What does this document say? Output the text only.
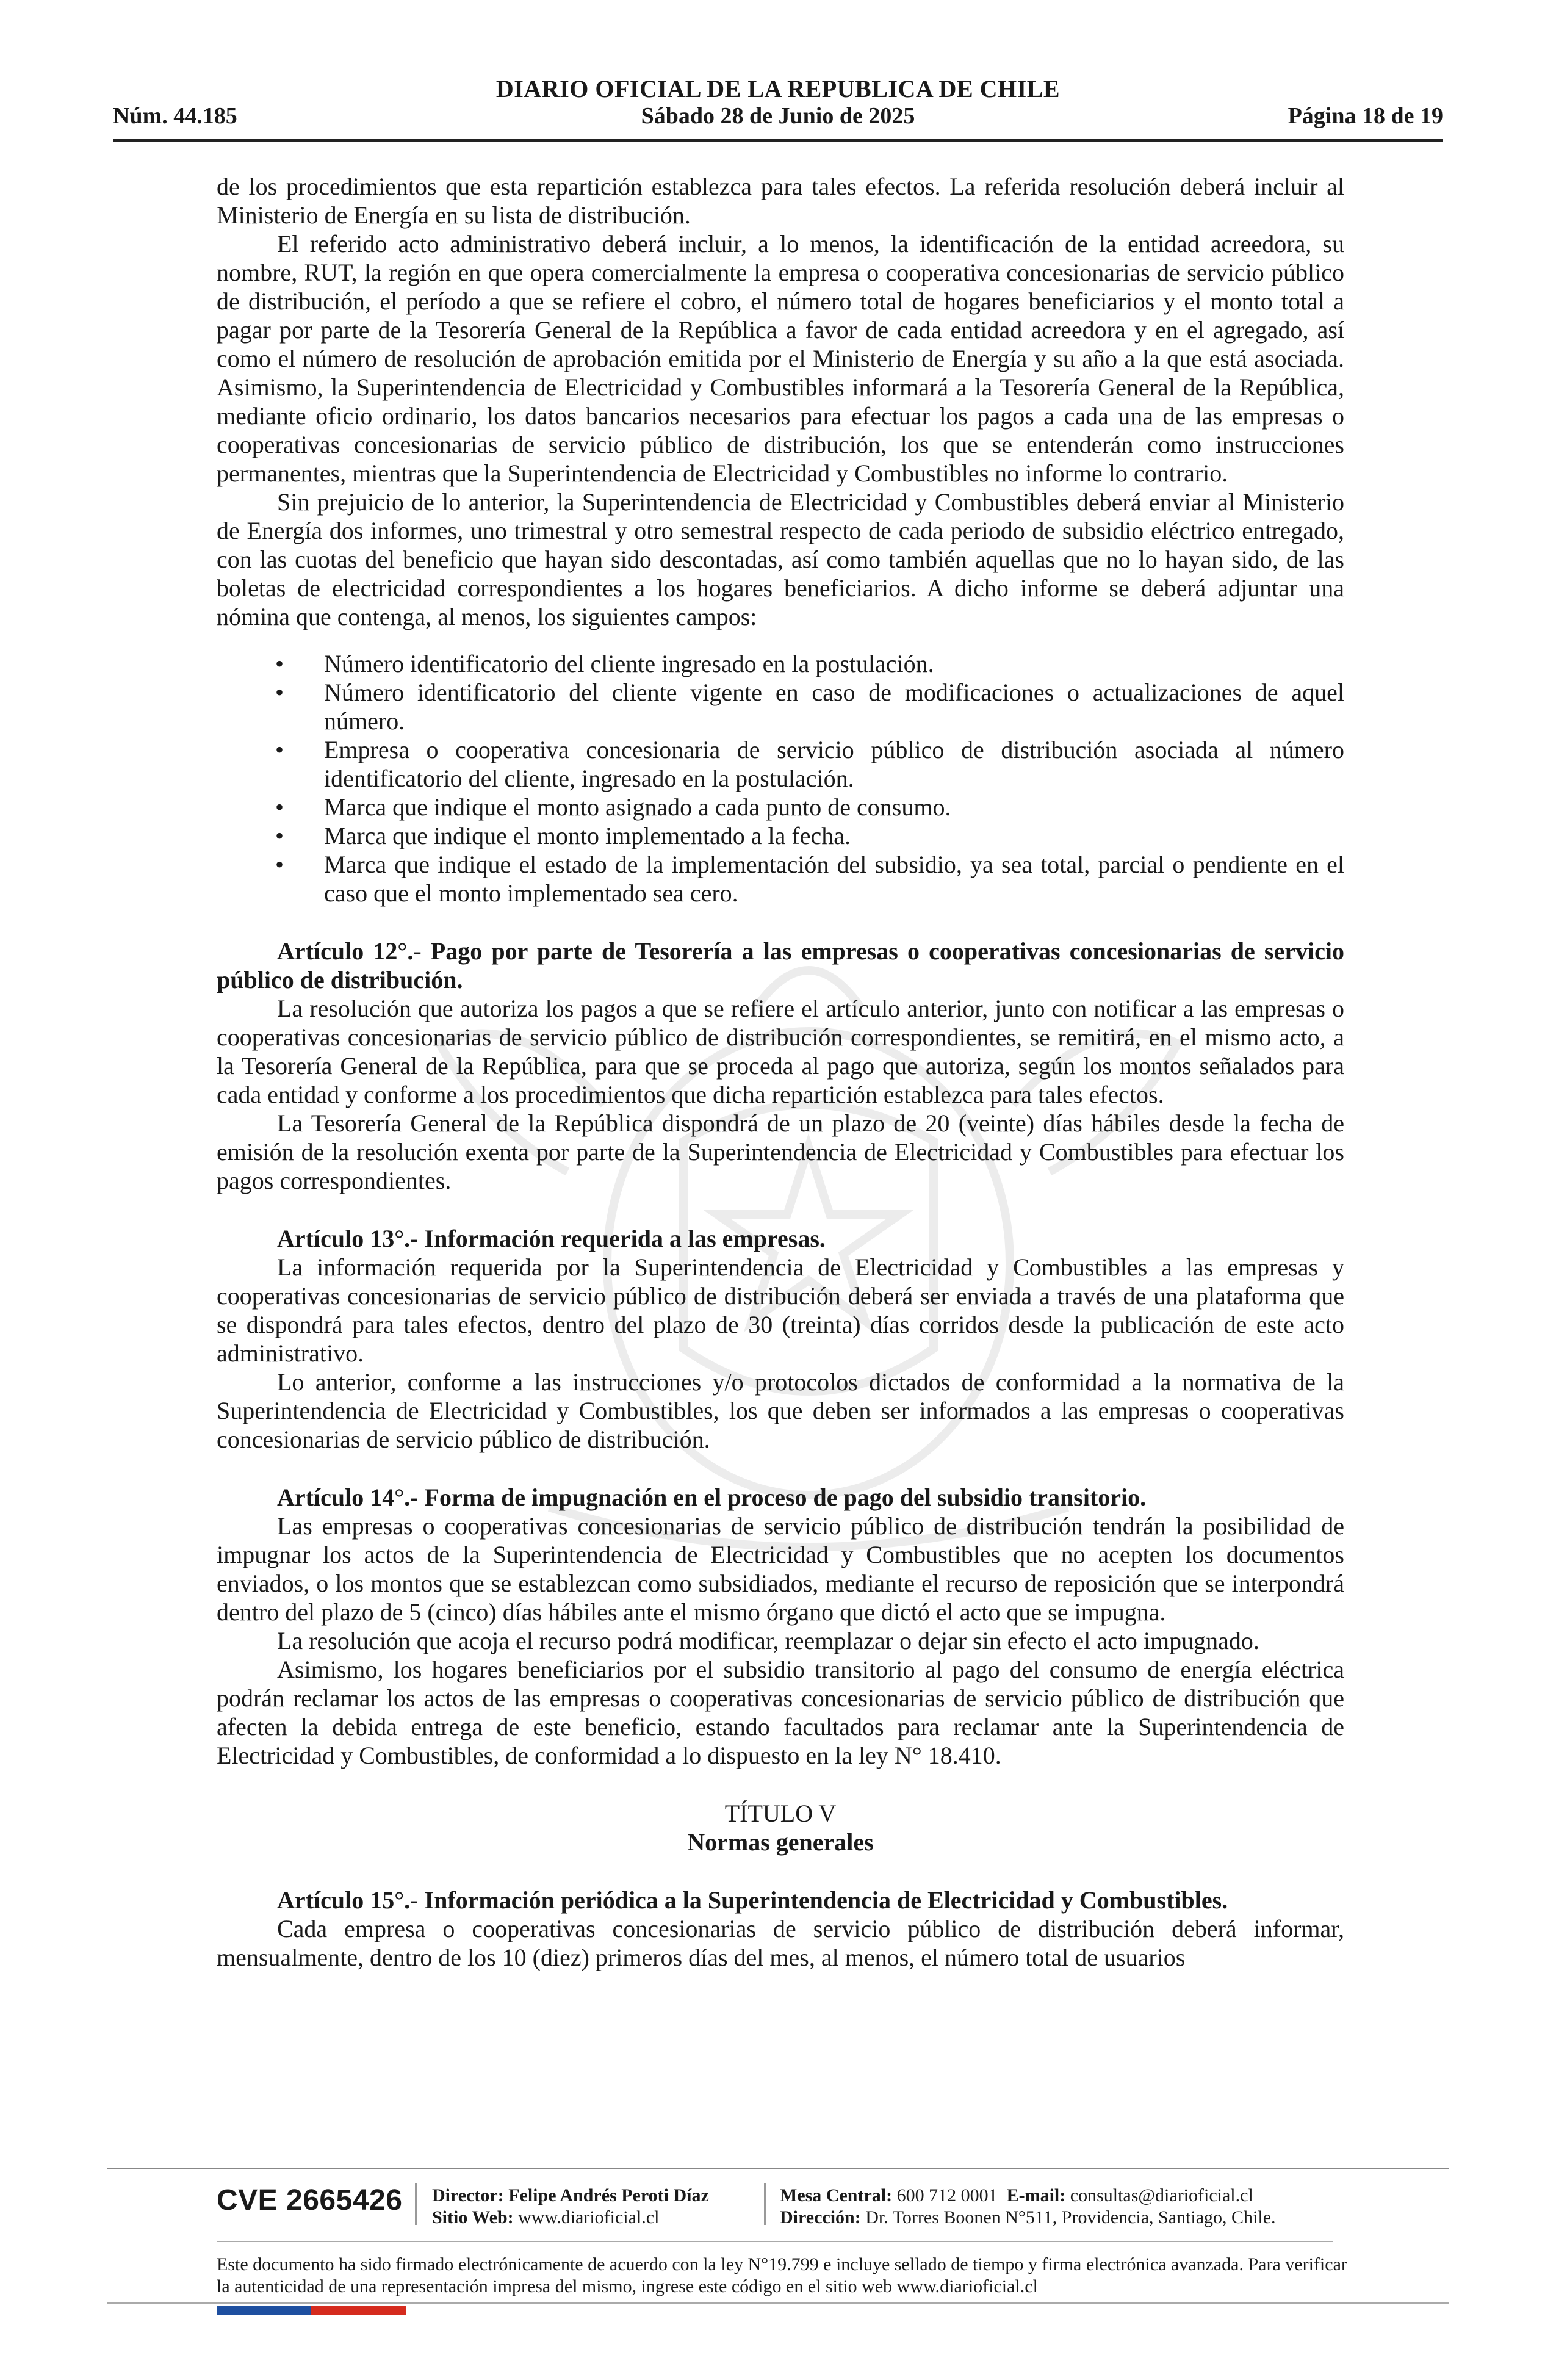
DIARIO OFICIAL DE LA REPUBLICA DE CHILE
Sábado 28 de Junio de 2025
Núm. 44.185	Página 18 de 19

de los procedimientos que esta repartición establezca para tales efectos. La referida resolución deberá incluir al Ministerio de Energía en su lista de distribución.

El referido acto administrativo deberá incluir, a lo menos, la identificación de la entidad acreedora, su nombre, RUT, la región en que opera comercialmente la empresa o cooperativa concesionarias de servicio público de distribución, el período a que se refiere el cobro, el número total de hogares beneficiarios y el monto total a pagar por parte de la Tesorería General de la República a favor de cada entidad acreedora y en el agregado, así como el número de resolución de aprobación emitida por el Ministerio de Energía y su año a la que está asociada. Asimismo, la Superintendencia de Electricidad y Combustibles informará a la Tesorería General de la República, mediante oficio ordinario, los datos bancarios necesarios para efectuar los pagos a cada una de las empresas o cooperativas concesionarias de servicio público de distribución, los que se entenderán como instrucciones permanentes, mientras que la Superintendencia de Electricidad y Combustibles no informe lo contrario.

Sin prejuicio de lo anterior, la Superintendencia de Electricidad y Combustibles deberá enviar al Ministerio de Energía dos informes, uno trimestral y otro semestral respecto de cada periodo de subsidio eléctrico entregado, con las cuotas del beneficio que hayan sido descontadas, así como también aquellas que no lo hayan sido, de las boletas de electricidad correspondientes a los hogares beneficiarios. A dicho informe se deberá adjuntar una nómina que contenga, al menos, los siguientes campos:

• Número identificatorio del cliente ingresado en la postulación.
• Número identificatorio del cliente vigente en caso de modificaciones o actualizaciones de aquel número.
• Empresa o cooperativa concesionaria de servicio público de distribución asociada al número identificatorio del cliente, ingresado en la postulación.
• Marca que indique el monto asignado a cada punto de consumo.
• Marca que indique el monto implementado a la fecha.
• Marca que indique el estado de la implementación del subsidio, ya sea total, parcial o pendiente en el caso que el monto implementado sea cero.

Artículo 12°.- Pago por parte de Tesorería a las empresas o cooperativas concesionarias de servicio público de distribución.

La resolución que autoriza los pagos a que se refiere el artículo anterior, junto con notificar a las empresas o cooperativas concesionarias de servicio público de distribución correspondientes, se remitirá, en el mismo acto, a la Tesorería General de la República, para que se proceda al pago que autoriza, según los montos señalados para cada entidad y conforme a los procedimientos que dicha repartición establezca para tales efectos.

La Tesorería General de la República dispondrá de un plazo de 20 (veinte) días hábiles desde la fecha de emisión de la resolución exenta por parte de la Superintendencia de Electricidad y Combustibles para efectuar los pagos correspondientes.

Artículo 13°.- Información requerida a las empresas.

La información requerida por la Superintendencia de Electricidad y Combustibles a las empresas y cooperativas concesionarias de servicio público de distribución deberá ser enviada a través de una plataforma que se dispondrá para tales efectos, dentro del plazo de 30 (treinta) días corridos desde la publicación de este acto administrativo.

Lo anterior, conforme a las instrucciones y/o protocolos dictados de conformidad a la normativa de la Superintendencia de Electricidad y Combustibles, los que deben ser informados a las empresas o cooperativas concesionarias de servicio público de distribución.

Artículo 14°.- Forma de impugnación en el proceso de pago del subsidio transitorio.

Las empresas o cooperativas concesionarias de servicio público de distribución tendrán la posibilidad de impugnar los actos de la Superintendencia de Electricidad y Combustibles que no acepten los documentos enviados, o los montos que se establezcan como subsidiados, mediante el recurso de reposición que se interpondrá dentro del plazo de 5 (cinco) días hábiles ante el mismo órgano que dictó el acto que se impugna.

La resolución que acoja el recurso podrá modificar, reemplazar o dejar sin efecto el acto impugnado.

Asimismo, los hogares beneficiarios por el subsidio transitorio al pago del consumo de energía eléctrica podrán reclamar los actos de las empresas o cooperativas concesionarias de servicio público de distribución que afecten la debida entrega de este beneficio, estando facultados para reclamar ante la Superintendencia de Electricidad y Combustibles, de conformidad a lo dispuesto en la ley N° 18.410.

TÍTULO V

Normas generales

Artículo 15°.- Información periódica a la Superintendencia de Electricidad y Combustibles.

Cada empresa o cooperativas concesionarias de servicio público de distribución deberá informar, mensualmente, dentro de los 10 (diez) primeros días del mes, al menos, el número total de usuarios

CVE 2665426 Director: Felipe Andrés Peroti Díaz
Sitio Web: www.diarioficial.cl
Mesa Central: 600 712 0001 E-mail: consultas@diarioficial.cl
Dirección: Dr. Torres Boonen N°511, Providencia, Santiago, Chile.
Este documento ha sido firmado electrónicamente de acuerdo con la ley N°19.799 e incluye sellado de tiempo y firma electrónica avanzada. Para verificar la autenticidad de una representación impresa del mismo, ingrese este código en el sitio web www.diarioficial.cl
